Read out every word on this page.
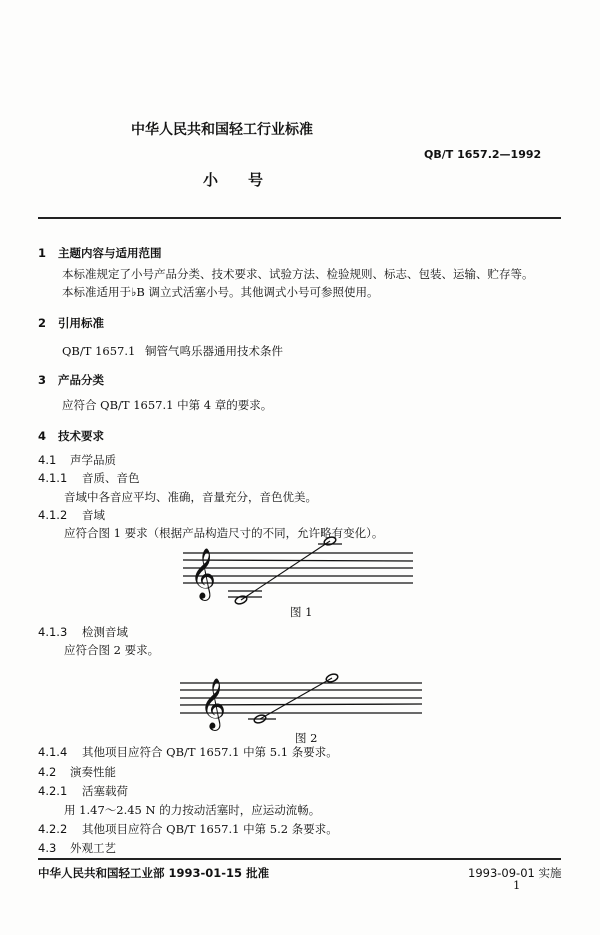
中华人民共和国轻工行业标准
QB/T 1657.2—1992
小　　号
1 主题内容与适用范围
本标准规定了小号产品分类、技术要求、试验方法、检验规则、标志、包装、运输、贮存等。
本标准适用于♭B 调立式活塞小号。其他调式小号可参照使用。
2 引用标准
QB/T 1657.1 铜管气鸣乐器通用技术条件
3 产品分类
应符合 QB/T 1657.1 中第 4 章的要求。
4 技术要求
4.1 声学品质
4.1.1 音质、音色
音域中各音应平均、准确，音量充分，音色优美。
4.1.2 音域
应符合图 1 要求（根据产品构造尺寸的不同，允许略有变化）。
𝄞
𝄞
图 1
4.1.3 检测音域
应符合图 2 要求。
图 2
4.1.4 其他项目应符合 QB/T 1657.1 中第 5.1 条要求。
4.2 演奏性能
4.2.1 活塞载荷
用 1.47～2.45 N 的力按动活塞时，应运动流畅。
4.2.2 其他项目应符合 QB/T 1657.1 中第 5.2 条要求。
4.3 外观工艺
中华人民共和国轻工业部 1993-01-15 批准	1993-09-01 实施
1
